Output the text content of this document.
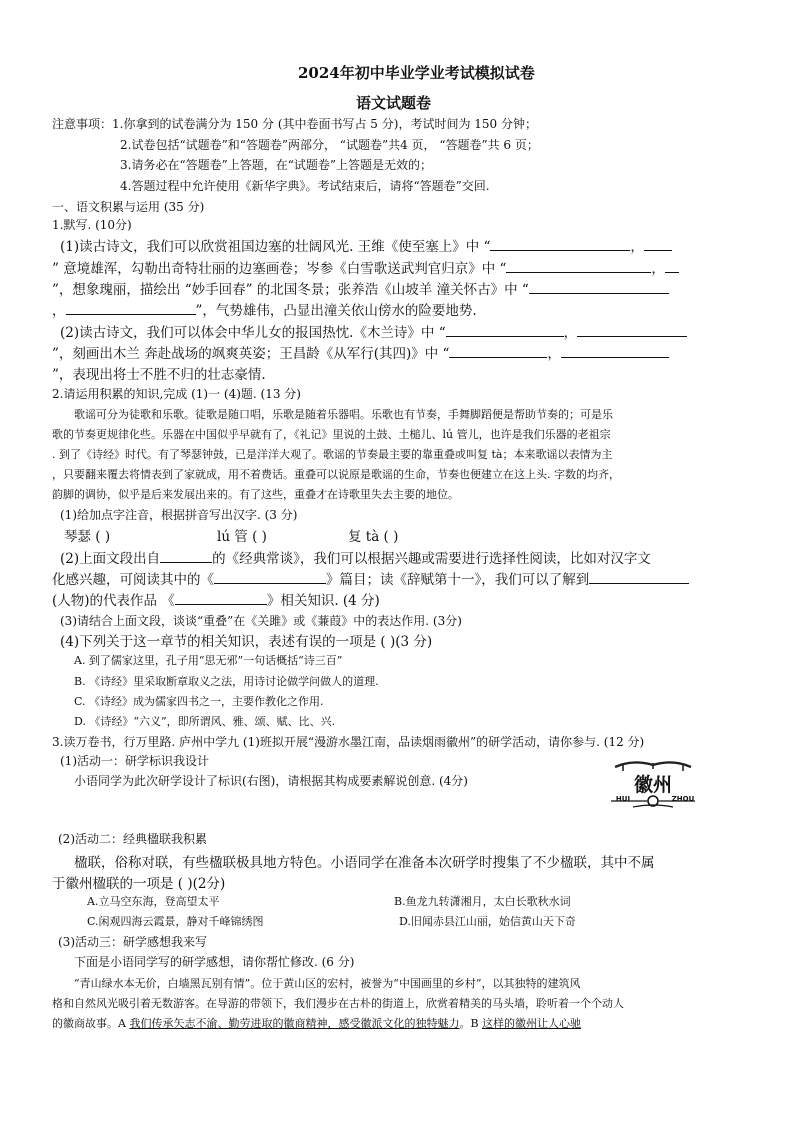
2024年初中毕业学业考试模拟试卷
语文试题卷
注意事项：1.你拿到的试卷满分为 150 分 (其中卷面书写占 5 分)，考试时间为 150 分钟；
2.试卷包括“试题卷”和“答题卷”两部分， “试题卷”共4 页， “答题卷”共 6 页；
3.请务必在“答题卷”上答题，在“试题卷”上答题是无效的；
4.答题过程中允许使用《新华字典》。考试结束后，请将“答题卷”交回.
一、语文积累与运用 (35 分)
1.默写. (10分)
(1)读古诗文，我们可以欣赏祖国边塞的壮阔风光. 王维《使至塞上》中 “	，
” 意境雄浑，勾勒出奇特壮丽的边塞画卷；岑参《白雪歌送武判官归京》中 “	，
”，想象瑰丽，描绘出 “妙手回春” 的北国冬景；张养浩《山坡羊 潼关怀古》中 “
，	”，气势雄伟，凸显出潼关依山傍水的险要地势.
(2)读古诗文，我们可以体会中华儿女的报国热忱.《木兰诗》中 “	，
”，刻画出木兰 奔赴战场的飒爽英姿；王昌龄《从军行(其四)》中 “	，
”，表现出将士不胜不归的壮志豪情.
2.请运用积累的知识,完成 (1)一 (4)题. (13 分)
歌谣可分为徒歌和乐歌。徒歌是随口唱，乐歌是随着乐器唱。乐歌也有节奏，手舞脚蹈便是帮助节奏的；可是乐
歌的节奏更规律化些。乐器在中国似乎早就有了，《礼记》里说的土鼓、土槌儿、lú 管儿，也许是我们乐器的老祖宗
. 到了《诗经》时代。有了琴瑟钟鼓，已是洋洋大观了。歌谣的节奏最主要的靠重叠或叫复 tà；本来歌谣以表情为主
，只要翻来覆去将情表到了家就成，用不着费话。重叠可以说原是歌谣的生命，节奏也便建立在这上头. 字数的均齐，
韵脚的调协，似乎是后来发展出来的。有了这些，重叠才在诗歌里失去主要的地位。
(1)给加点字注音，根据拼音写出汉字. (3 分)
琴瑟 ( )	lú 管 ( )	复 tà ( )
(2)上面文段出自	的《经典常谈》，我们可以根据兴趣或需要进行选择性阅读，比如对汉字文
化感兴趣，可阅读其中的《	》篇目；读《辞赋第十一》，我们可以了解到
(人物)的代表作品 《	》相关知识. (4 分)
(3)请结合上面文段，谈谈“重叠”在《关雎》或《蒹葭》中的表达作用. (3分)
(4)下列关于这一章节的相关知识，表述有误的一项是 ( )(3 分)
A. 到了儒家这里，孔子用“思无邪”一句话概括“诗三百”
B. 《诗经》里采取断章取义之法，用诗讨论做学问做人的道理.
C. 《诗经》成为儒家四书之一，主要作教化之作用.
D. 《诗经》“六义”，即所谓风、雅、颂、赋、比、兴.
3.读万卷书，行万里路. 庐州中学九 (1)班拟开展“漫游水墨江南，品读烟雨徽州”的研学活动，请你参与. (12 分)
(1)活动一：研学标识我设计
小语同学为此次研学设计了标识(右图)，请根据其构成要素解说创意. (4分)	徽州
HUI	ZHOU
(2)活动二：经典楹联我积累
楹联，俗称对联，有些楹联极具地方特色。小语同学在准备本次研学时搜集了不少楹联，其中不属
于徽州楹联的一项是 ( )(2分)
A.立马空东海，登高望太平	B.鱼龙九转潇湘月，太白长歌秋水词
C.闲观四海云霞景，静对千峰锦绣图	D.旧闻赤县江山丽，始信黄山天下奇
(3)活动三：研学感想我来写
下面是小语同学写的研学感想，请你帮忙修改. (6 分)
“青山绿水本无价，白墙黑瓦别有情”。位于黄山区的宏村，被誉为“中国画里的乡村”，以其独特的建筑风
格和自然风光吸引着无数游客。在导游的带领下，我们漫步在古朴的街道上，欣赏着精美的马头墙，聆听着一个个动人
的徽商故事。A 我们传承矢志不渝、勤劳进取的徽商精神，感受徽派文化的独特魅力。B 这样的徽州让人心驰
